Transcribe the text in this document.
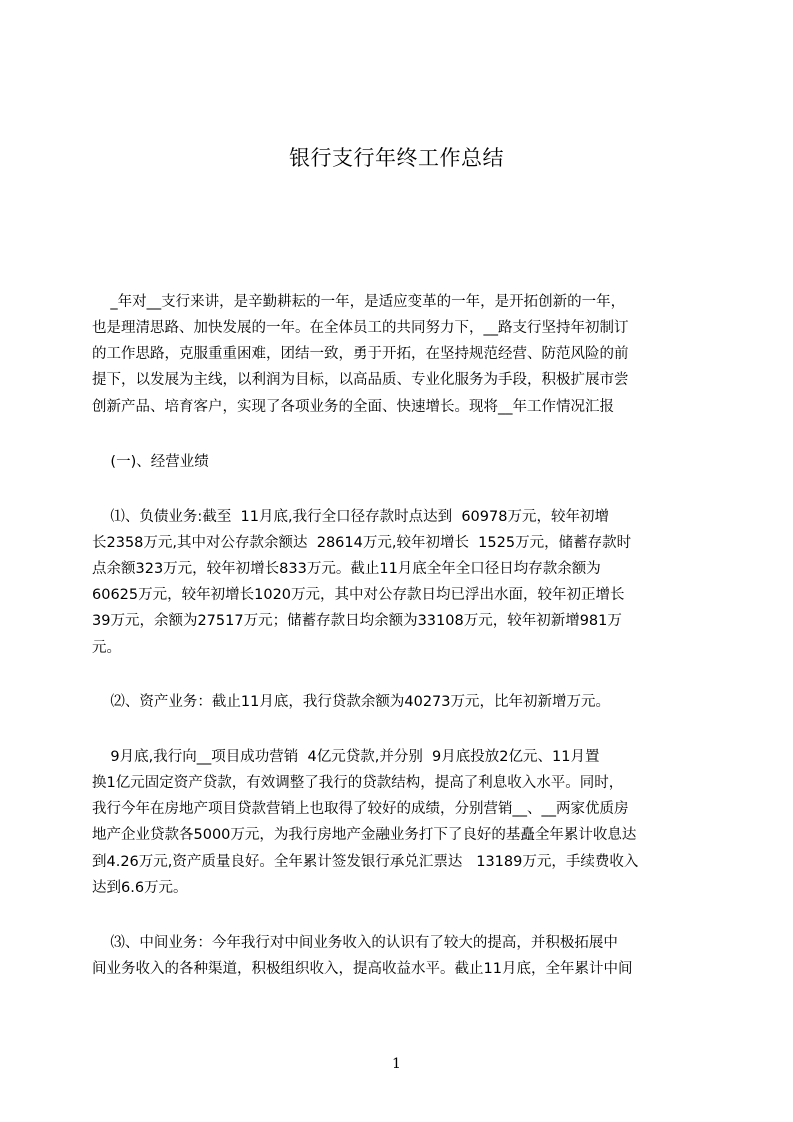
银行支行年终工作总结
_年对__支行来讲，是辛勤耕耘的一年，是适应变革的一年，是开拓创新的一年，
也是理清思路、加快发展的一年。在全体员工的共同努力下，__路支行坚持年初制订
的工作思路，克服重重困难，团结一致，勇于开拓，在坚持规范经营、防范风险的前
提下，以发展为主线，以利润为目标，以高品质、专业化服务为手段，积极扩展市尝
创新产品、培育客户，实现了各项业务的全面、快速增长。现将__年工作情况汇报
(一)、经营业绩
⑴、负债业务:截至  11月底,我行全口径存款时点达到  60978万元，较年初增
长2358万元,其中对公存款余额达  28614万元,较年初增长  1525万元，储蓄存款时
点余额323万元，较年初增长833万元。截止11月底全年全口径日均存款余额为
60625万元，较年初增长1020万元，其中对公存款日均已浮出水面，较年初正增长
39万元，余额为27517万元；储蓄存款日均余额为33108万元，较年初新增981万
元。
⑵、资产业务：截止11月底，我行贷款余额为40273万元，比年初新增万元。
9月底,我行向__项目成功营销  4亿元贷款,并分别  9月底投放2亿元、11月置
换1亿元固定资产贷款，有效调整了我行的贷款结构，提高了利息收入水平。同时，
我行今年在房地产项目贷款营销上也取得了较好的成绩，分别营销__、__两家优质房
地产企业贷款各5000万元，为我行房地产金融业务打下了良好的基矗全年累计收息达
到4.26万元,资产质量良好。全年累计签发银行承兑汇票达   13189万元，手续费收入
达到6.6万元。
⑶、中间业务：今年我行对中间业务收入的认识有了较大的提高，并积极拓展中
间业务收入的各种渠道，积极组织收入，提高收益水平。截止11月底，全年累计中间
1
